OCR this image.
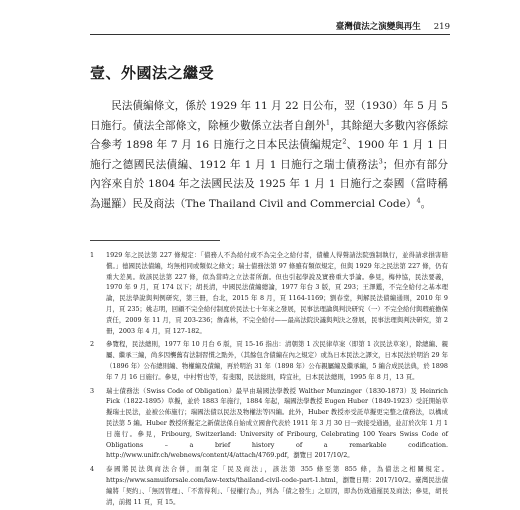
臺灣債法之演變與再生 219
壹、外國法之繼受

民法債編條文，係於 1929 年 11 月 22 日公布，翌（1930）年 5 月 5 日施行。債法全部條文，除極少數係立法者自創外$^1$，其餘絕大多數內容係綜合參考 1898 年 7 月 16 日施行之日本民法債編規定$^2$、1900 年 1 月 1 日施行之德國民法債編、1912 年 1 月 1 日施行之瑞士債務法$^3$；但亦有部分內容來自於 1804 年之法國民法及 1925 年 1 月 1 日施行之泰國（當時稱為暹羅）民及商法（The Thailand Civil and Commercial Code）$^4$。

1 1929 年之民法第 227 條規定：「債務人不為給付或不為完全之給付者，債權人得聲請法院強制執行，並得請求損害賠償。」德國民法債編，均無相同或類似之條文；瑞士債務法第 97 條雖有類似規定，但與 1929 年之民法第 227 條，仍有重大差異。故該民法第 227 條，似為當時之立法者所創。但也引起學說及實務重大爭論。參見，梅仲協，民法要義，1970 年 9 月，頁 174 以下；胡長清，中國民法債編總論，1977 年台 3 版，頁 293；王澤鑑，不完全給付之基本理論，民法學說與判例研究，第三冊，台北，2015 年 8 月，頁 1164-1169；劉春堂，判解民法債編通則，2010 年 9 月，頁 235；姚志明，回顧不完全給付制度於民法七十年來之發展，民事法理論與判決研究（一）不完全給付與瑕疵擔保責任，2009 年 11 月，頁 203-236；詹森林，不完全給付——最高法院決議與判決之發展，民事法理與判決研究，第 2 冊，2003 年 4 月，頁 127-182。
2 參覽程，民法總則，1977 年 10 月台 6 版，頁 15-16 指出：清朝第 1 次民律草案（即第 1 次民法草案），除總編、親屬、繼承三編，尚多因襲舊有法制習慣之點外，（其餘包含債編在內之規定）或為日本民法之譯文，日本民法於明治 29 年（1896 年）公布總則編、物權編及債編，再於明治 31 年（1898 年）公布親屬編及繼承編，5 編合成民法典，於 1898 年 7 月 16 日施行。參見，中村哲也等，有斐閣，民法総則，時宜社，日本民法總則，1995 年 8 月，13 頁。
3 瑞士債務法（Swiss Code of Obligation）最早由瑞國法學教授 Walther Munzinger（1830-1873）及 Heinrich Fick（1822-1895）草擬，並於 1883 年施行，1884 年起，瑞國法學教授 Eugen Huber（1849-1923）受託開始草擬瑞士民法，並被公佈施行；瑞國法債以民法及物權法等四編。此外，Huber 教授亦受託草擬更完整之債務法，以構成民法第 5 編。Huber 教授所擬定之新債法係自始成立國會代表於 1911 年 3 月 30 日一致接受通過，並訂於次年 1 月 1 日施行。參見，Fribourg, Switzerland: University of Fribourg, Celebrating 100 Years Swiss Code of Obligations – a brief history of a remarkable codification. http://www.unifr.ch/webnews/content/4/attach/4769.pdf，瀏覽日 2017/10/2。
4 泰國將民法與商法合併，而制定「民及商法」，該法第 355 條至第 855 條，為債法之相關規定。https://www.samuiforsale.com/law-texts/thailand-civil-code-part-1.html，瀏覽日期：2017/10/2。臺灣民法債編將「契約」、「無因管理」、「不當得利」、「侵權行為」，列為「債之發生」之原因，即為仿效通遲民及商法；參見，胡長清，前揭 11 頁，頁 15。
